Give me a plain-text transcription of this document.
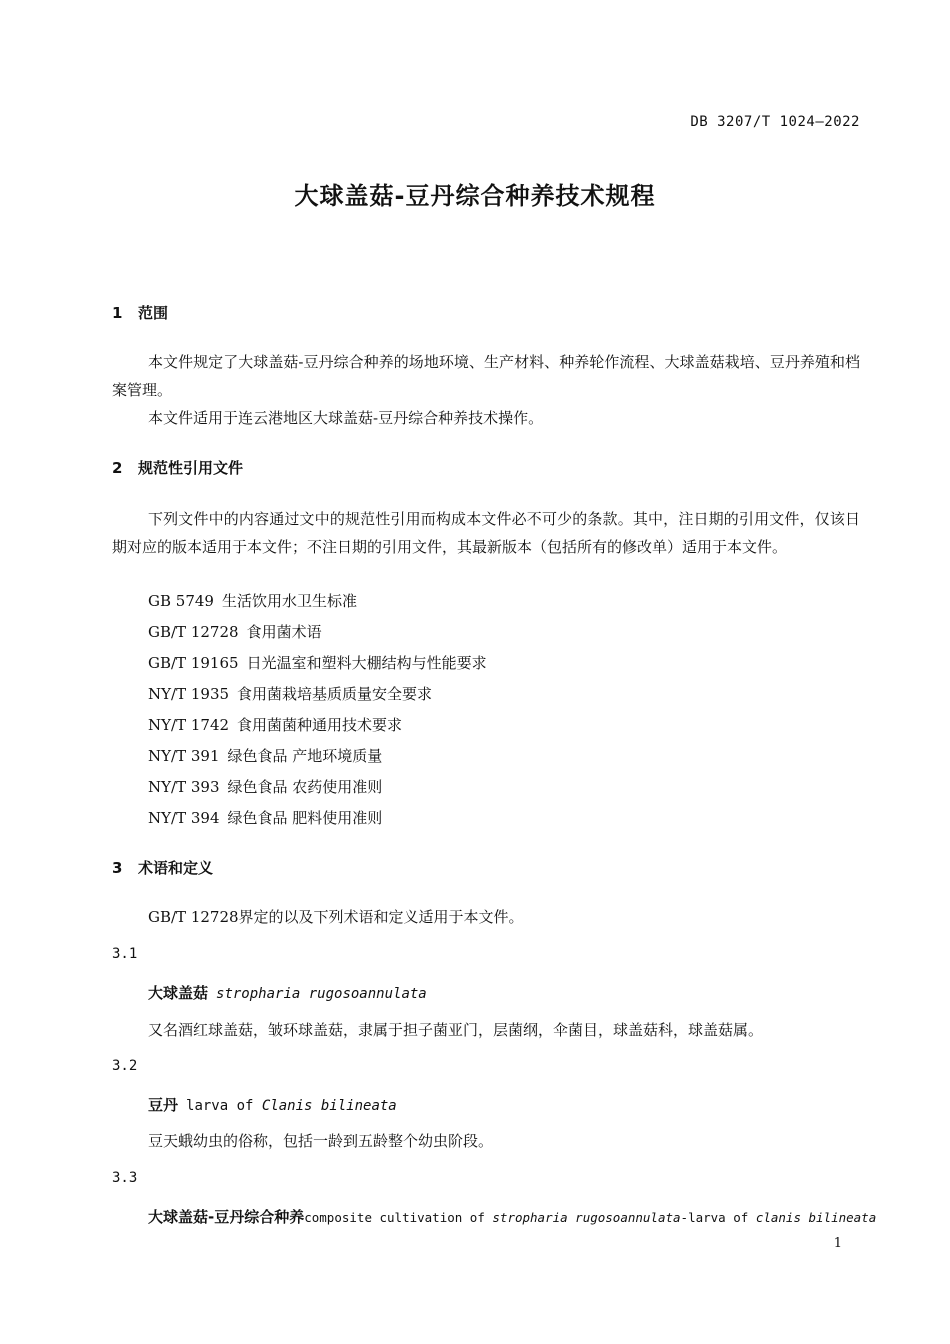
DB 3207/T 1024—2022
大球盖菇-豆丹综合种养技术规程
1 范围
本文件规定了大球盖菇-豆丹综合种养的场地环境、生产材料、种养轮作流程、大球盖菇栽培、豆丹养殖和档案管理。
本文件适用于连云港地区大球盖菇-豆丹综合种养技术操作。
2 规范性引用文件
下列文件中的内容通过文中的规范性引用而构成本文件必不可少的条款。其中，注日期的引用文件，仅该日期对应的版本适用于本文件；不注日期的引用文件，其最新版本（包括所有的修改单）适用于本文件。
GB 5749 生活饮用水卫生标准
GB/T 12728 食用菌术语
GB/T 19165 日光温室和塑料大棚结构与性能要求
NY/T 1935 食用菌栽培基质质量安全要求
NY/T 1742 食用菌菌种通用技术要求
NY/T 391 绿色食品 产地环境质量
NY/T 393 绿色食品 农药使用准则
NY/T 394 绿色食品 肥料使用准则
3 术语和定义
GB/T 12728界定的以及下列术语和定义适用于本文件。
3.1
大球盖菇 stropharia rugosoannulata
又名酒红球盖菇，皱环球盖菇，隶属于担子菌亚门，层菌纲，伞菌目，球盖菇科，球盖菇属。
3.2
豆丹 larva of Clanis bilineata
豆天蛾幼虫的俗称，包括一龄到五龄整个幼虫阶段。
3.3
大球盖菇-豆丹综合种养composite cultivation of stropharia rugosoannulata-larva of clanis bilineata
1
